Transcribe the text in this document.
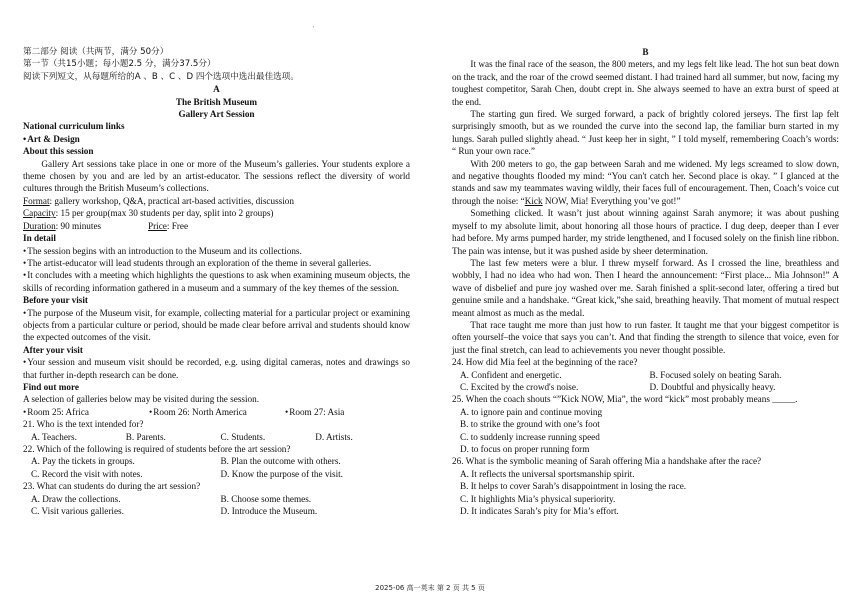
'

第二部分 阅读（共两节，满分 50分）

第一节（共15小题；每小题2.5 分，满分37.5分）

阅读下列短文，从每题所给的A 、B 、C 、D 四个选项中选出最佳选项。

A

The British Museum

Gallery Art Session

National curriculum links

• Art & Design

About this session

Gallery Art sessions take place in one or more of the Museum’s galleries. Your students explore a theme chosen by you and are led by an artist-educator. The sessions reflect the diversity of world cultures through the British Museum’s collections.

Format: gallery workshop, Q&A, practical art-based activities, discussion

Capacity: 15 per group(max 30 students per day, split into 2 groups)

Duration: 90 minutes	Price: Free

In detail

• The session begins with an introduction to the Museum and its collections.

• The artist-educator will lead students through an exploration of the theme in several galleries.

• It concludes with a meeting which highlights the questions to ask when examining museum objects, the skills of recording information gathered in a museum and a summary of the key themes of the session.

Before your visit

• The purpose of the Museum visit, for example, collecting material for a particular project or examining objects from a particular culture or period, should be made clear before arrival and students should know the expected outcomes of the visit.

After your visit

• Your session and museum visit should be recorded, e.g. using digital cameras, notes and drawings so that further in-depth research can be done.

Find out more

A selection of galleries below may be visited during the session.

• Room 25: Africa	• Room 26: North America	• Room 27: Asia

21. Who is the text intended for?

A. Teachers.	B. Parents.	C. Students.	D. Artists.

22. Which of the following is required of students before the art session?

A. Pay the tickets in groups.	B. Plan the outcome with others.
C. Record the visit with notes.	D. Know the purpose of the visit.

23. What can students do during the art session?

A. Draw the collections.	B. Choose some themes.
C. Visit various galleries.	D. Introduce the Museum.

B

It was the final race of the season, the 800 meters, and my legs felt like lead. The hot sun beat down on the track, and the roar of the crowd seemed distant. I had trained hard all summer, but now, facing my toughest competitor, Sarah Chen, doubt crept in. She always seemed to have an extra burst of speed at the end.

The starting gun fired. We surged forward, a pack of brightly colored jerseys. The first lap felt surprisingly smooth, but as we rounded the curve into the second lap, the familiar burn started in my lungs. Sarah pulled slightly ahead. “ Just keep her in sight, ” I told myself, remembering Coach’s words: “ Run your own race.”

With 200 meters to go, the gap between Sarah and me widened. My legs screamed to slow down, and negative thoughts flooded my mind: “You can't catch her. Second place is okay. ” I glanced at the stands and saw my teammates waving wildly, their faces full of encouragement. Then, Coach’s voice cut through the noise: “Kick NOW, Mia! Everything you’ve got!”

Something clicked. It wasn’t just about winning against Sarah anymore; it was about pushing myself to my absolute limit, about honoring all those hours of practice. I dug deep, deeper than I ever had before. My arms pumped harder, my stride lengthened, and I focused solely on the finish line ribbon. The pain was intense, but it was pushed aside by sheer determination.

The last few meters were a blur. I threw myself forward. As I crossed the line, breathless and wobbly, I had no idea who had won. Then I heard the announcement: “First place... Mia Johnson!” A wave of disbelief and pure joy washed over me. Sarah finished a split-second later, offering a tired but genuine smile and a handshake. “Great kick,”she said, breathing heavily. That moment of mutual respect meant almost as much as the medal.

That race taught me more than just how to run faster. It taught me that your biggest competitor is often yourself–the voice that says you can’t. And that finding the strength to silence that voice, even for just the final stretch, can lead to achievements you never thought possible.

24. How did Mia feel at the beginning of the race?

A. Confident and energetic.	B. Focused solely on beating Sarah.
C. Excited by the crowd's noise.	D. Doubtful and physically heavy.

25. When the coach shouts “”Kick NOW, Mia”, the word “kick” most probably means _____.

A. to ignore pain and continue moving

B. to strike the ground with one’s foot

C. to suddenly increase running speed

D. to focus on proper running form

26. What is the symbolic meaning of Sarah offering Mia a handshake after the race?

A. It reflects the universal sportsmanship spirit.

B. It helps to cover Sarah’s disappointment in losing the race.

C. It highlights Mia’s physical superiority.

D. It indicates Sarah’s pity for Mia’s effort.

2025-06 高一英末 第 2 页 共 5 页
